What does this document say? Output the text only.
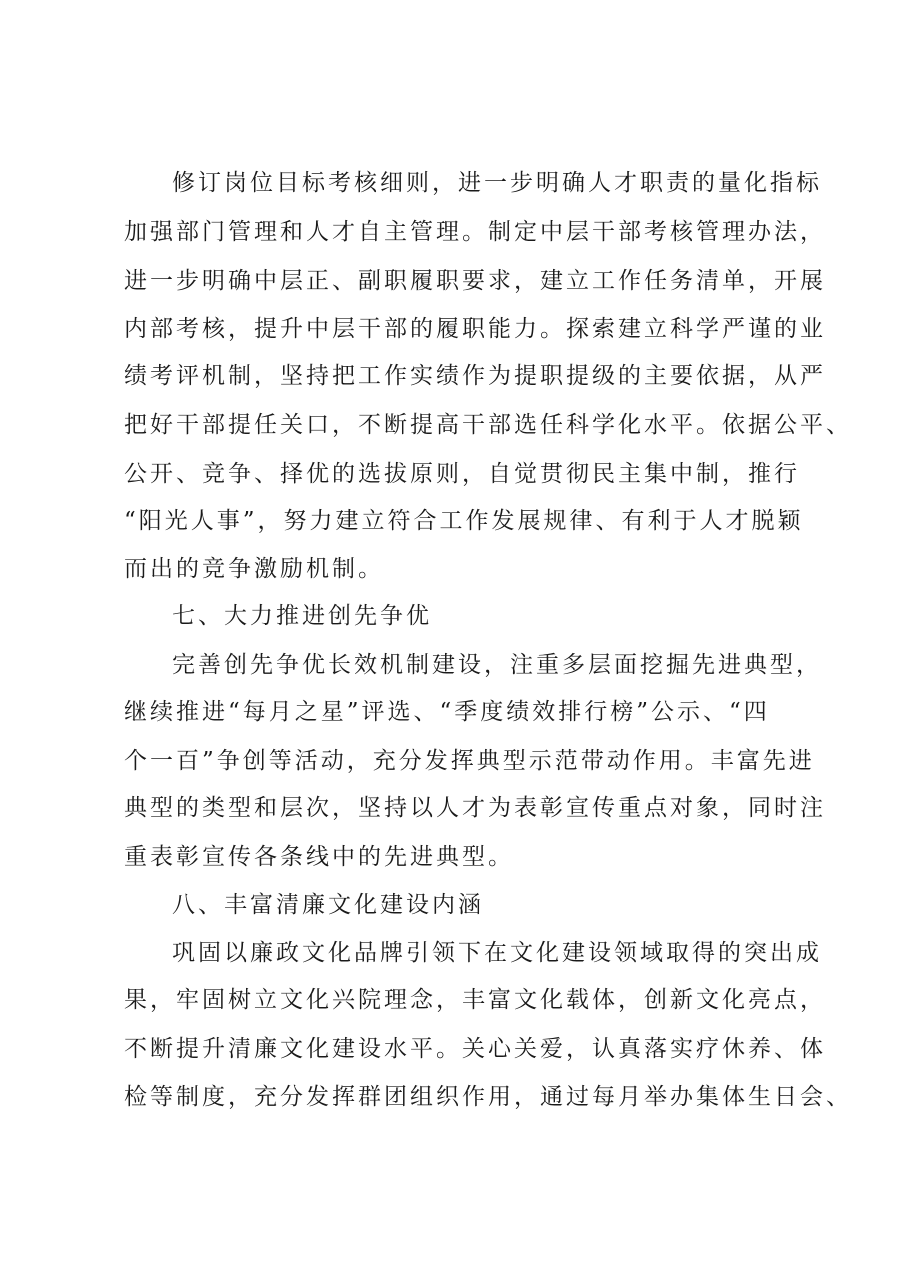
修订岗位目标考核细则，进一步明确人才职责的量化指标
加强部门管理和人才自主管理。制定中层干部考核管理办法，
进一步明确中层正、副职履职要求，建立工作任务清单，开展
内部考核，提升中层干部的履职能力。探索建立科学严谨的业
绩考评机制，坚持把工作实绩作为提职提级的主要依据，从严
把好干部提任关口，不断提高干部选任科学化水平。依据公平、
公开、竞争、择优的选拔原则，自觉贯彻民主集中制，推行
“阳光人事”，努力建立符合工作发展规律、有利于人才脱颖
而出的竞争激励机制。
七、大力推进创先争优
完善创先争优长效机制建设，注重多层面挖掘先进典型，
继续推进“每月之星”评选、“季度绩效排行榜”公示、“四
个一百”争创等活动，充分发挥典型示范带动作用。丰富先进
典型的类型和层次，坚持以人才为表彰宣传重点对象，同时注
重表彰宣传各条线中的先进典型。
八、丰富清廉文化建设内涵
巩固以廉政文化品牌引领下在文化建设领域取得的突出成
果，牢固树立文化兴院理念，丰富文化载体，创新文化亮点，
不断提升清廉文化建设水平。关心关爱，认真落实疗休养、体
检等制度，充分发挥群团组织作用，通过每月举办集体生日会、
